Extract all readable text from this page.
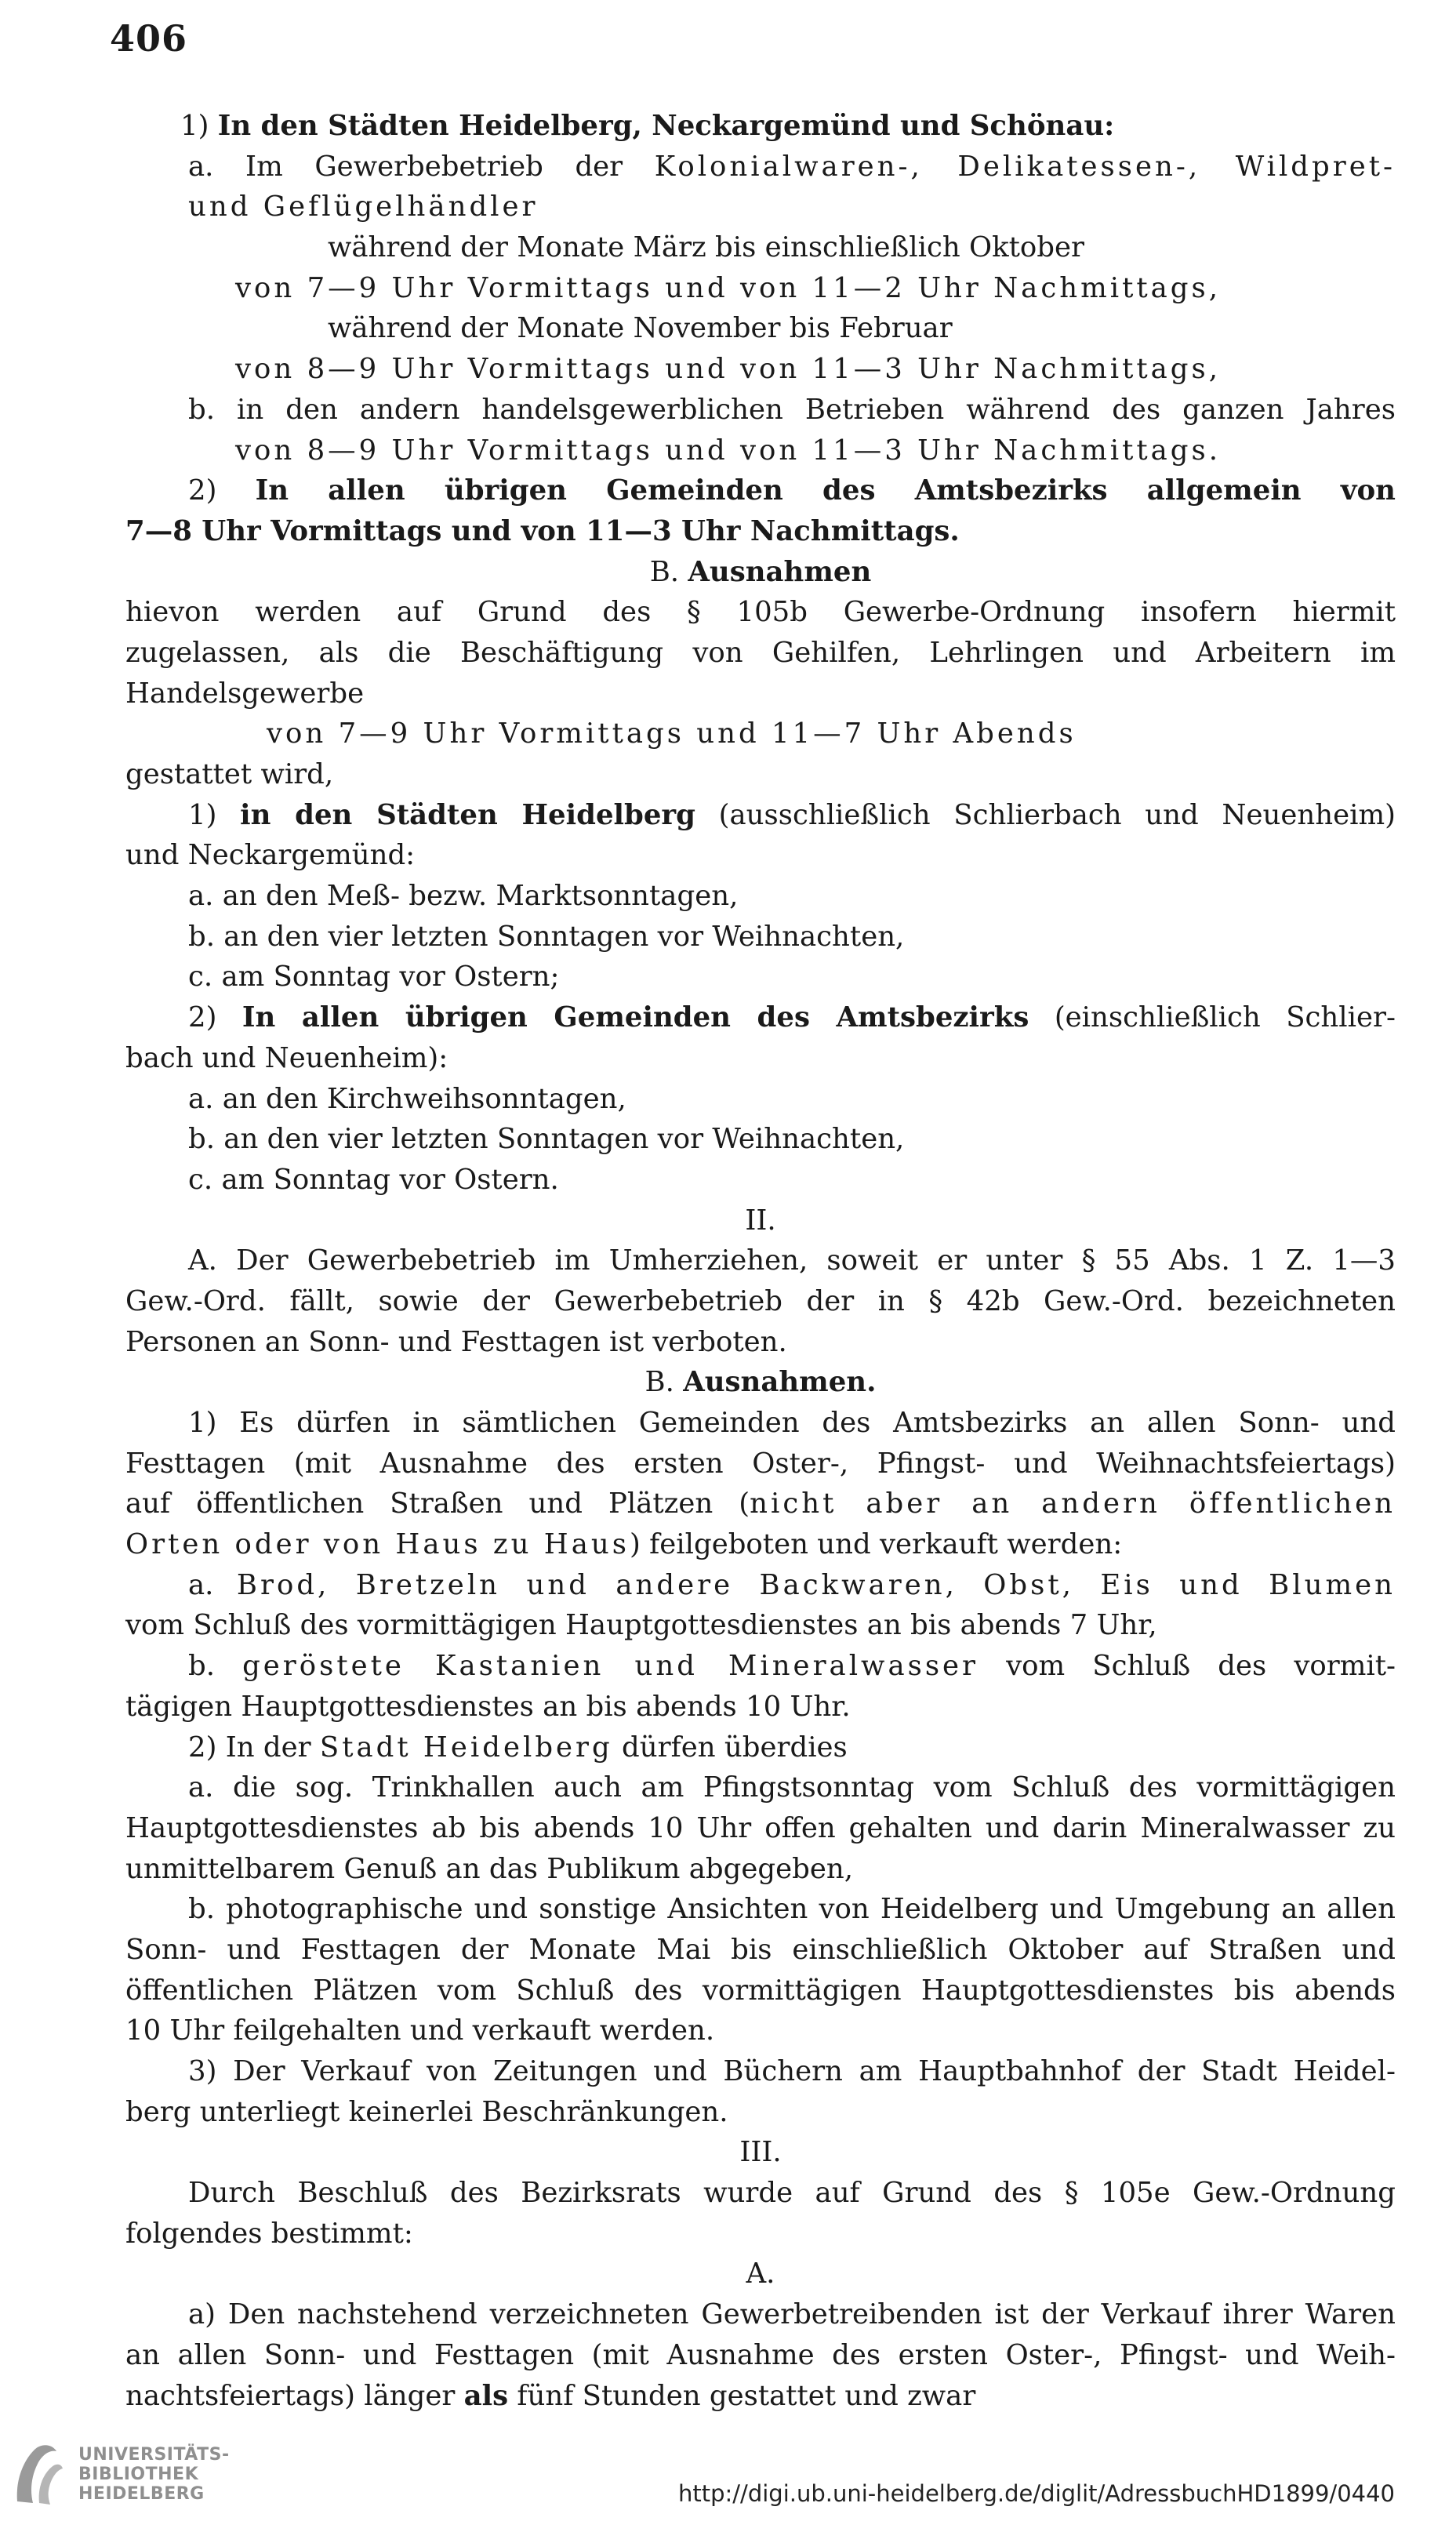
406
1) In den Städten Heidelberg, Neckargemünd und Schönau:
a. Im Gewerbebetrieb der Kolonialwaren-, Delikatessen-, Wildpret-
und Geflügelhändler
während der Monate März bis einschließlich Oktober
von 7—9 Uhr Vormittags und von 11—2 Uhr Nachmittags,
während der Monate November bis Februar
von 8—9 Uhr Vormittags und von 11—3 Uhr Nachmittags,
b. in den andern handelsgewerblichen Betrieben während des ganzen Jahres
von 8—9 Uhr Vormittags und von 11—3 Uhr Nachmittags.
2) In allen übrigen Gemeinden des Amtsbezirks allgemein von
7—8 Uhr Vormittags und von 11—3 Uhr Nachmittags.
B. Ausnahmen
hievon werden auf Grund des § 105b Gewerbe-Ordnung insofern hiermit
zugelassen, als die Beschäftigung von Gehilfen, Lehrlingen und Arbeitern im
Handelsgewerbe
von 7—9 Uhr Vormittags und 11—7 Uhr Abends
gestattet wird,
1) in den Städten Heidelberg (ausschließlich Schlierbach und Neuenheim)
und Neckargemünd:
a. an den Meß- bezw. Marktsonntagen,
b. an den vier letzten Sonntagen vor Weihnachten,
c. am Sonntag vor Ostern;
2) In allen übrigen Gemeinden des Amtsbezirks (einschließlich Schlier-
bach und Neuenheim):
a. an den Kirchweihsonntagen,
b. an den vier letzten Sonntagen vor Weihnachten,
c. am Sonntag vor Ostern.
II.
A. Der Gewerbebetrieb im Umherziehen, soweit er unter § 55 Abs. 1 Z. 1—3
Gew.-Ord. fällt, sowie der Gewerbebetrieb der in § 42b Gew.-Ord. bezeichneten
Personen an Sonn- und Festtagen ist verboten.
B. Ausnahmen.
1) Es dürfen in sämtlichen Gemeinden des Amtsbezirks an allen Sonn- und
Festtagen (mit Ausnahme des ersten Oster-, Pfingst- und Weihnachtsfeiertags)
auf öffentlichen Straßen und Plätzen (nicht aber an andern öffentlichen
Orten oder von Haus zu Haus) feilgeboten und verkauft werden:
a. Brod, Bretzeln und andere Backwaren, Obst, Eis und Blumen
vom Schluß des vormittägigen Hauptgottesdienstes an bis abends 7 Uhr,
b. geröstete Kastanien und Mineralwasser vom Schluß des vormit-
tägigen Hauptgottesdienstes an bis abends 10 Uhr.
2) In der Stadt Heidelberg dürfen überdies
a. die sog. Trinkhallen auch am Pfingstsonntag vom Schluß des vormittägigen
Hauptgottesdienstes ab bis abends 10 Uhr offen gehalten und darin Mineralwasser zu
unmittelbarem Genuß an das Publikum abgegeben,
b. photographische und sonstige Ansichten von Heidelberg und Umgebung an allen
Sonn- und Festtagen der Monate Mai bis einschließlich Oktober auf Straßen und
öffentlichen Plätzen vom Schluß des vormittägigen Hauptgottesdienstes bis abends
10 Uhr feilgehalten und verkauft werden.
3) Der Verkauf von Zeitungen und Büchern am Hauptbahnhof der Stadt Heidel-
berg unterliegt keinerlei Beschränkungen.
III.
Durch Beschluß des Bezirksrats wurde auf Grund des § 105e Gew.-Ordnung
folgendes bestimmt:
A.
a) Den nachstehend verzeichneten Gewerbetreibenden ist der Verkauf ihrer Waren
an allen Sonn- und Festtagen (mit Ausnahme des ersten Oster-, Pfingst- und Weih-
nachtsfeiertags) länger als fünf Stunden gestattet und zwar
UNIVERSITÄTS-
BIBLIOTHEK
HEIDELBERG	http://digi.ub.uni-heidelberg.de/diglit/AdressbuchHD1899/0440
